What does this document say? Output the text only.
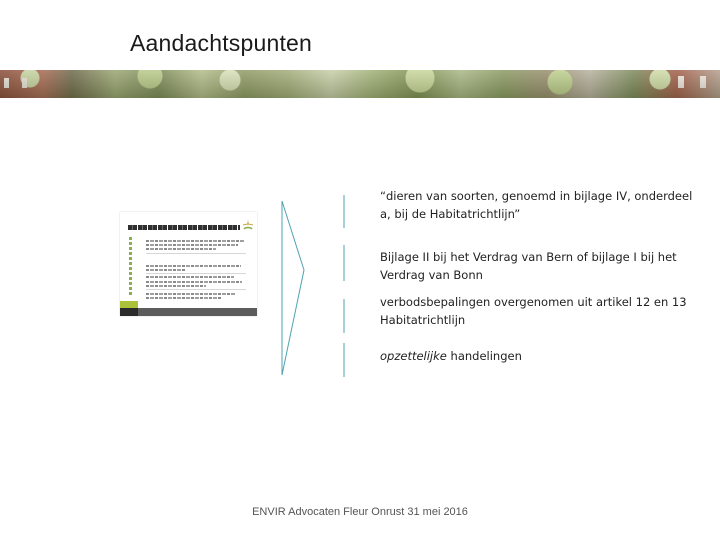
Aandachtspunten
“dieren van soorten, genoemd in bijlage IV, onderdeel a, bij de Habitatrichtlijn”
Bijlage II bij het Verdrag van Bern of bijlage I bij het Verdrag van Bonn
verbodsbepalingen overgenomen uit artikel 12 en 13 Habitatrichtlijn
opzettelijke handelingen
ENVIR Advocaten Fleur Onrust 31 mei 2016
